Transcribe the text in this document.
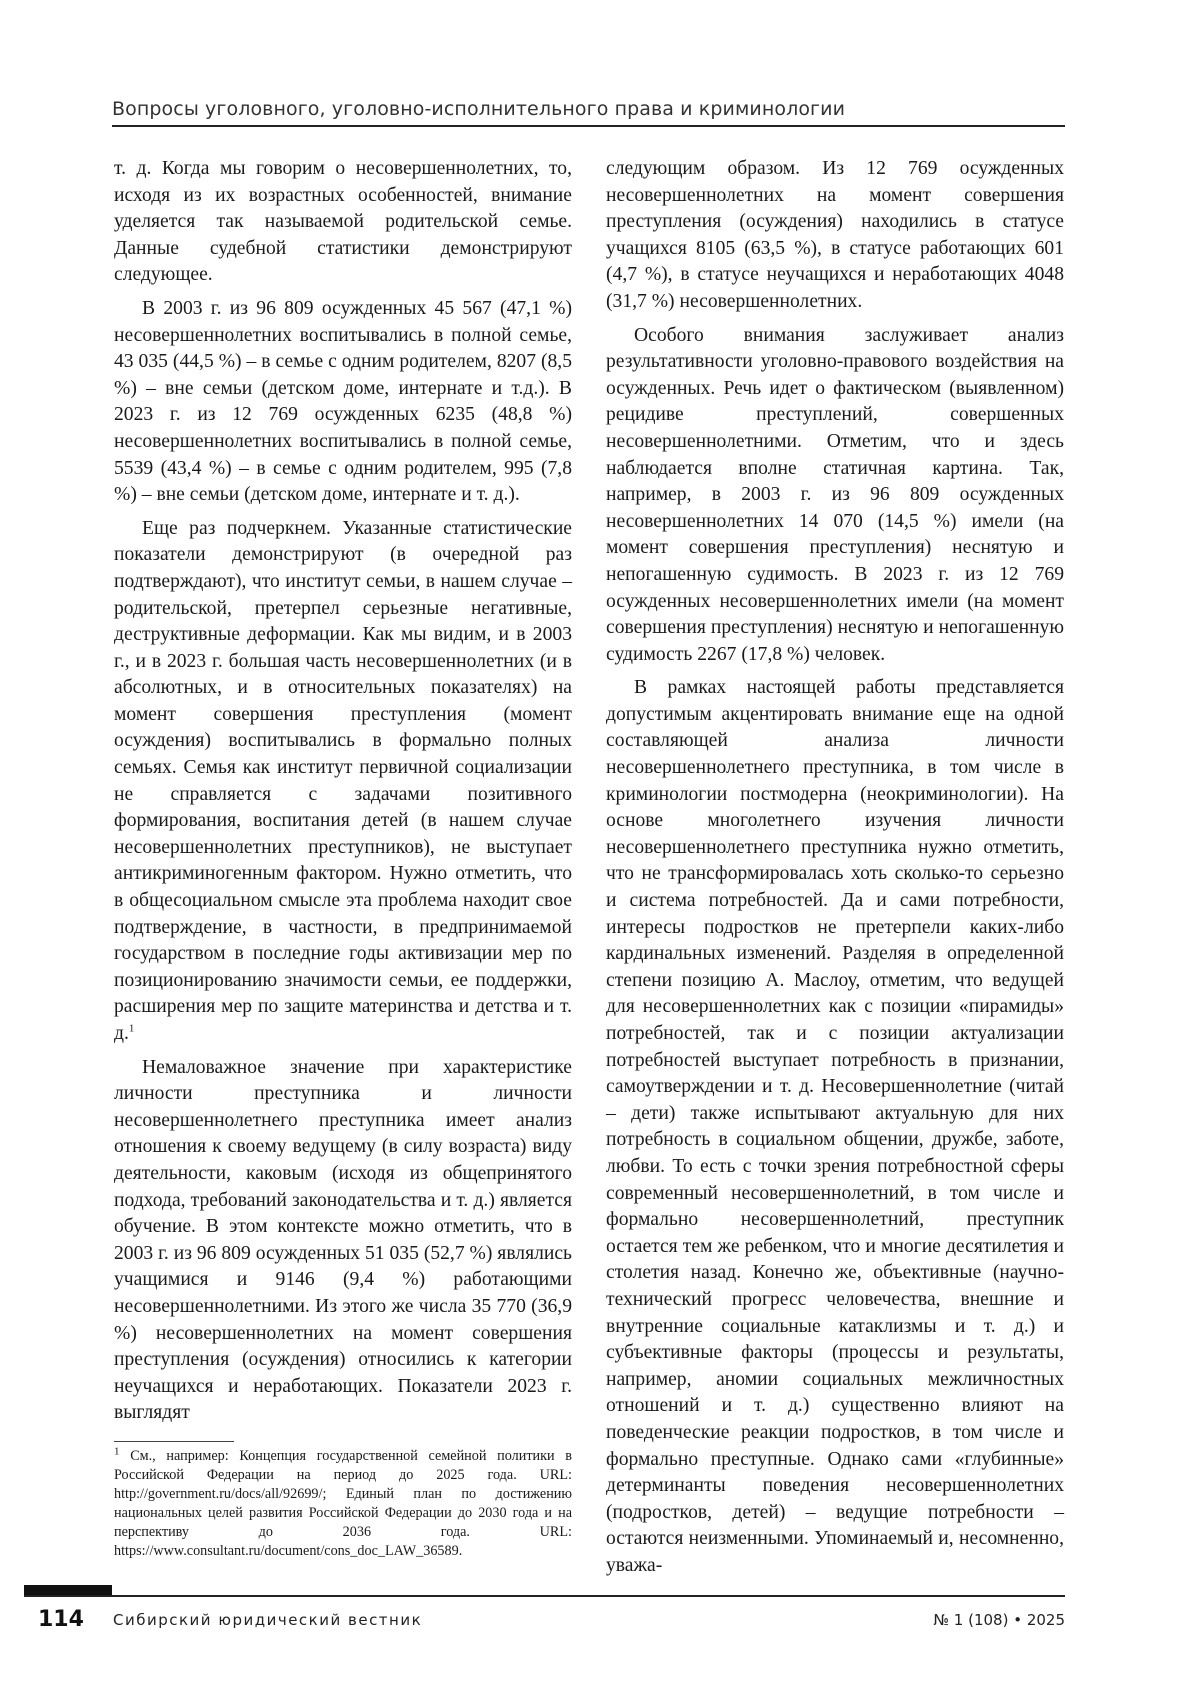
Вопросы уголовного, уголовно-исполнительного права и криминологии

т. д. Когда мы говорим о несовершеннолетних, то, исходя из их возрастных особенностей, внимание уделяется так называемой родительской семье. Данные судебной статистики демонстрируют следующее.

В 2003 г. из 96 809 осужденных 45 567 (47,1 %) несовершеннолетних воспитывались в полной семье, 43 035 (44,5 %) – в семье с одним родителем, 8207 (8,5 %) – вне семьи (детском доме, интернате и т.д.). В 2023 г. из 12 769 осужденных 6235 (48,8 %) несовершеннолетних воспитывались в полной семье, 5539 (43,4 %) – в семье с одним родителем, 995 (7,8 %) – вне семьи (детском доме, интернате и т. д.).

Еще раз подчеркнем. Указанные статистические показатели демонстрируют (в очередной раз подтверждают), что институт семьи, в нашем случае – родительской, претерпел серьезные негативные, деструктивные деформации. Как мы видим, и в 2003 г., и в 2023 г. большая часть несовершеннолетних (и в абсолютных, и в относительных показателях) на момент совершения преступления (момент осуждения) воспитывались в формально полных семьях. Семья как институт первичной социализации не справляется с задачами позитивного формирования, воспитания детей (в нашем случае несовершеннолетних преступников), не выступает антикриминогенным фактором. Нужно отметить, что в общесоциальном смысле эта проблема находит свое подтверждение, в частности, в предпринимаемой государством в последние годы активизации мер по позиционированию значимости семьи, ее поддержки, расширения мер по защите материнства и детства и т. д.$^1$

Немаловажное значение при характеристике личности преступника и личности несовершеннолетнего преступника имеет анализ отношения к своему ведущему (в силу возраста) виду деятельности, каковым (исходя из общепринятого подхода, требований законодательства и т. д.) является обучение. В этом контексте можно отметить, что в 2003 г. из 96 809 осужденных 51 035 (52,7 %) являлись учащимися и 9146 (9,4 %) работающими несовершеннолетними. Из этого же числа 35 770 (36,9 %) несовершеннолетних на момент совершения преступления (осуждения) относились к категории неучащихся и неработающих. Показатели 2023 г. выглядят

следующим образом. Из 12 769 осужденных несовершеннолетних на момент совершения преступления (осуждения) находились в статусе учащихся 8105 (63,5 %), в статусе работающих 601 (4,7 %), в статусе неучащихся и неработающих 4048 (31,7 %) несовершеннолетних.

Особого внимания заслуживает анализ результативности уголовно-правового воздействия на осужденных. Речь идет о фактическом (выявленном) рецидиве преступлений, совершенных несовершеннолетними. Отметим, что и здесь наблюдается вполне статичная картина. Так, например, в 2003 г. из 96 809 осужденных несовершеннолетних 14 070 (14,5 %) имели (на момент совершения преступления) неснятую и непогашенную судимость. В 2023 г. из 12 769 осужденных несовершеннолетних имели (на момент совершения преступления) неснятую и непогашенную судимость 2267 (17,8 %) человек.

В рамках настоящей работы представляется допустимым акцентировать внимание еще на одной составляющей анализа личности несовершеннолетнего преступника, в том числе в криминологии постмодерна (неокриминологии). На основе многолетнего изучения личности несовершеннолетнего преступника нужно отметить, что не трансформировалась хоть сколько-то серьезно и система потребностей. Да и сами потребности, интересы подростков не претерпели каких-либо кардинальных изменений. Разделяя в определенной степени позицию А. Маслоу, отметим, что ведущей для несовершеннолетних как с позиции «пирамиды» потребностей, так и с позиции актуализации потребностей выступает потребность в признании, самоутверждении и т. д. Несовершеннолетние (читай – дети) также испытывают актуальную для них потребность в социальном общении, дружбе, заботе, любви. То есть с точки зрения потребностной сферы современный несовершеннолетний, в том числе и формально несовершеннолетний, преступник остается тем же ребенком, что и многие десятилетия и столетия назад. Конечно же, объективные (научно-технический прогресс человечества, внешние и внутренние социальные катаклизмы и т. д.) и субъективные факторы (процессы и результаты, например, аномии социальных межличностных отношений и т. д.) существенно влияют на поведенческие реакции подростков, в том числе и формально преступные. Однако сами «глубинные» детерминанты поведения несовершеннолетних (подростков, детей) – ведущие потребности – остаются неизменными. Упоминаемый и, несомненно, уважа-

$^1$ См., например: Концепция государственной семейной политики в Российской Федерации на период до 2025 года. URL: http://government.ru/docs/all/92699/; Единый план по достижению национальных целей развития Российской Федерации до 2030 года и на перспективу до 2036 года. URL: https://www.consultant.ru/document/cons_doc_LAW_36589.

114 Сибирский юридический вестник	№ 1 (108) • 2025
